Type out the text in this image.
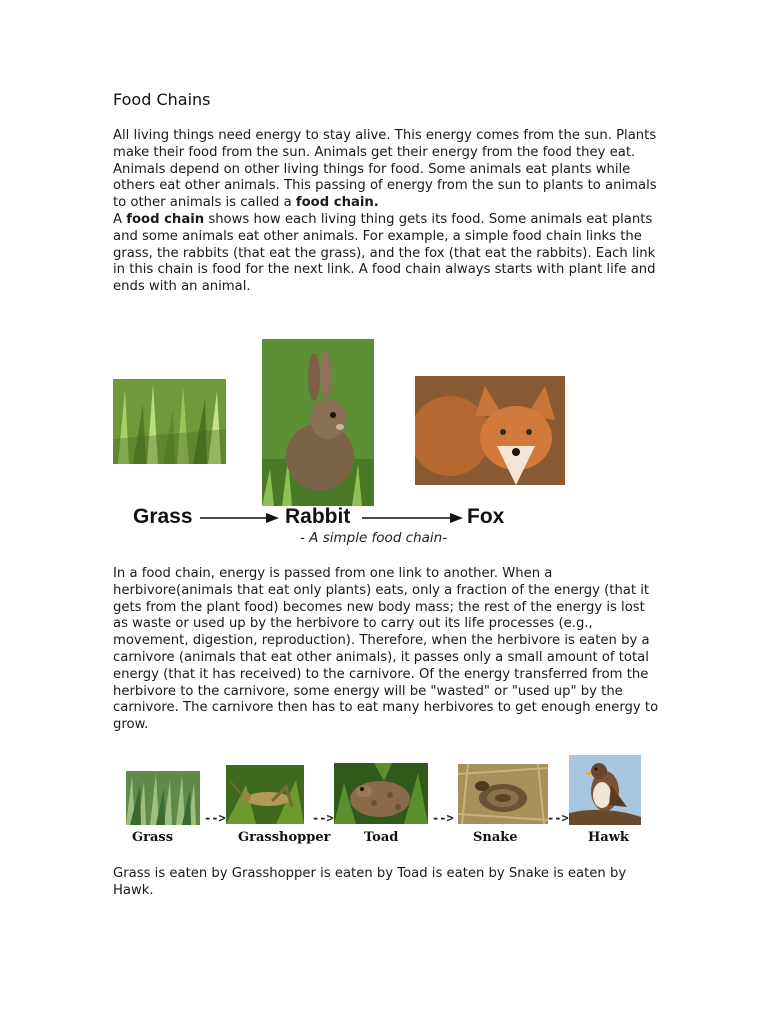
Food Chains

All living things need energy to stay alive. This energy comes from the sun. Plants make their food from the sun. Animals get their energy from the food they eat. Animals depend on other living things for food. Some animals eat plants while others eat other animals. This passing of energy from the sun to plants to animals to other animals is called a food chain.
A food chain shows how each living thing gets its food. Some animals eat plants and some animals eat other animals. For example, a simple food chain links the grass, the rabbits (that eat the grass), and the fox (that eat the rabbits). Each link in this chain is food for the next link. A food chain always starts with plant life and ends with an animal.

Grass	Rabbit	Fox
- A simple food chain-

In a food chain, energy is passed from one link to another. When a herbivore(animals that eat only plants) eats, only a fraction of the energy (that it gets from the plant food) becomes new body mass; the rest of the energy is lost as waste or used up by the herbivore to carry out its life processes (e.g., movement, digestion, reproduction). Therefore, when the herbivore is eaten by a carnivore (animals that eat other animals), it passes only a small amount of total energy (that it has received) to the carnivore. Of the energy transferred from the herbivore to the carnivore, some energy will be "wasted" or "used up" by the carnivore. The carnivore then has to eat many herbivores to get enough energy to grow.

Grass
-->
Grasshopper
-->
Toad
-->
Snake
-->
Hawk

Grass is eaten by Grasshopper is eaten by Toad is eaten by Snake is eaten by Hawk.
